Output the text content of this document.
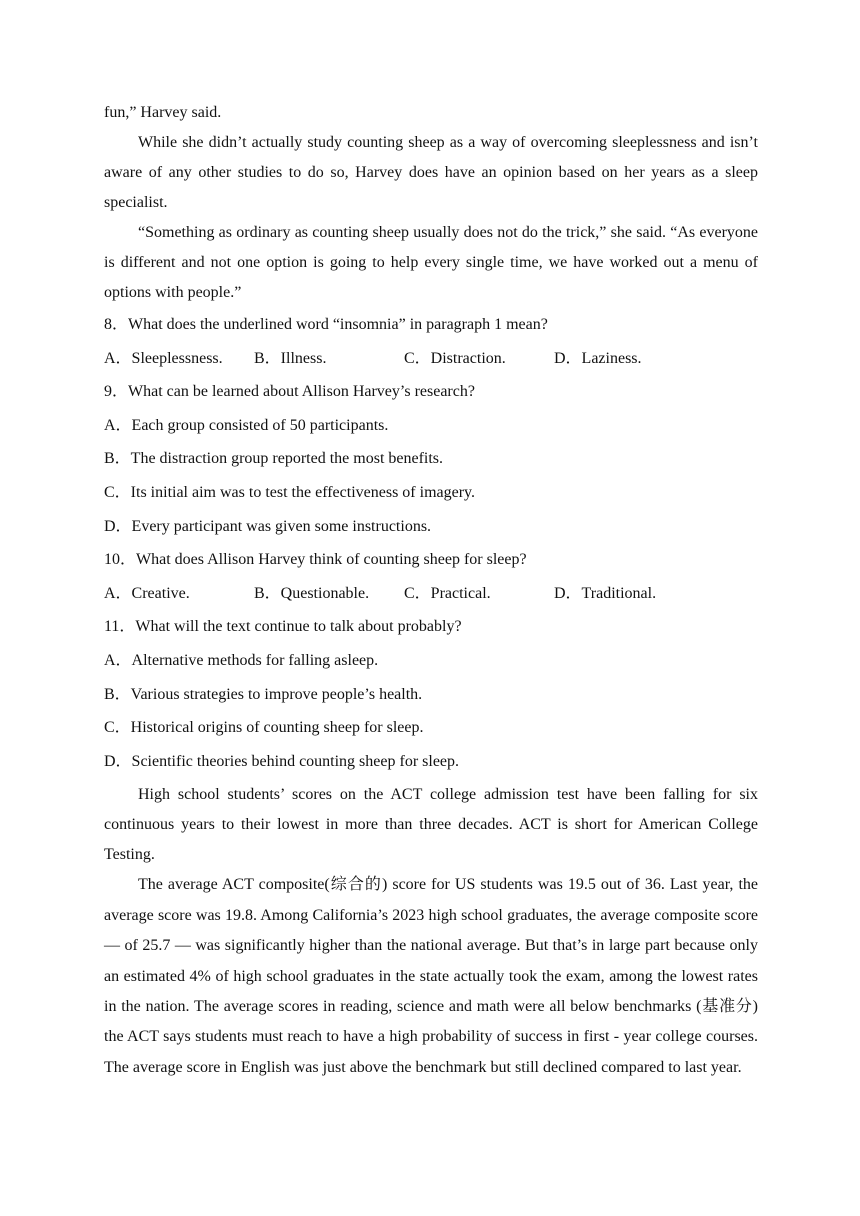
fun,” Harvey said.

While she didn’t actually study counting sheep as a way of overcoming sleeplessness and isn’t aware of any other studies to do so, Harvey does have an opinion based on her years as a sleep specialist.

“Something as ordinary as counting sheep usually does not do the trick,” she said. “As everyone is different and not one option is going to help every single time, we have worked out a menu of options with people.”

8．What does the underlined word “insomnia” in paragraph 1 mean?

A．Sleeplessness.	B．Illness.	C．Distraction.	D．Laziness.

9．What can be learned about Allison Harvey’s research?

A．Each group consisted of 50 participants.

B．The distraction group reported the most benefits.

C．Its initial aim was to test the effectiveness of imagery.

D．Every participant was given some instructions.

10．What does Allison Harvey think of counting sheep for sleep?

A．Creative.	B．Questionable.	C．Practical.	D．Traditional.

11．What will the text continue to talk about probably?

A．Alternative methods for falling asleep.

B．Various strategies to improve people’s health.

C．Historical origins of counting sheep for sleep.

D．Scientific theories behind counting sheep for sleep.

High school students’ scores on the ACT college admission test have been falling for six continuous years to their lowest in more than three decades. ACT is short for American College Testing.

The average ACT composite(综合的) score for US students was 19.5 out of 36. Last year, the average score was 19.8. Among California’s 2023 high school graduates, the average composite score — of 25.7 — was significantly higher than the national average. But that’s in large part because only an estimated 4% of high school graduates in the state actually took the exam, among the lowest rates in the nation. The average scores in reading, science and math were all below benchmarks (基准分) the ACT says students must reach to have a high probability of success in first - year college courses. The average score in English was just above the benchmark but still declined compared to last year.
